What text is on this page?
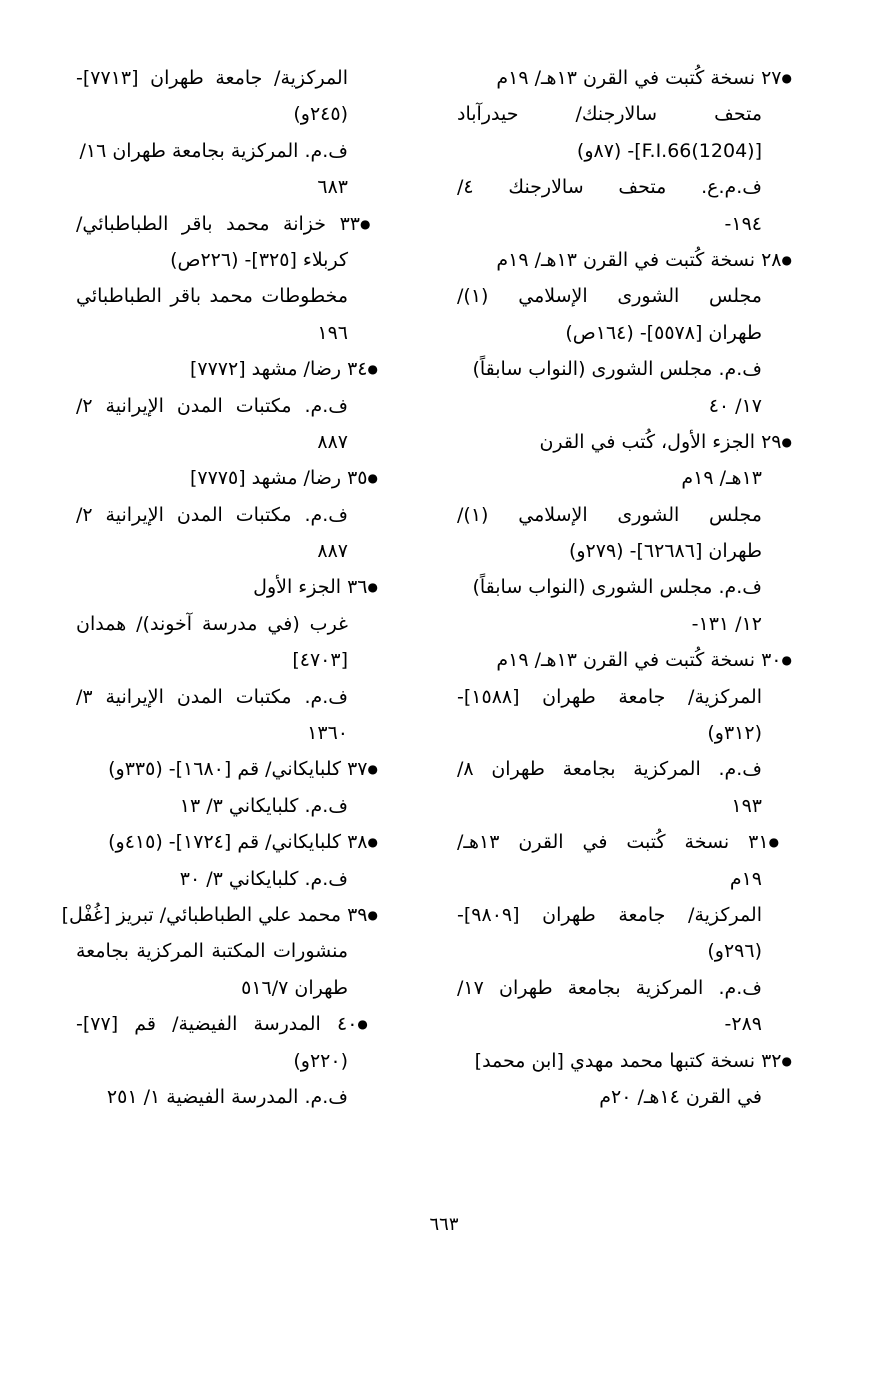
●٢٧ نسخة كُتبت في القرن ١٣هـ/ ١٩م
متحف سالارجنك/ حيدرآباد
[F.I.66(1204)]- (٨٧و)
ف.م.ع. متحف سالارجنك ٤/
١٩٤-
●٢٨ نسخة كُتبت في القرن ١٣هـ/ ١٩م
مجلس الشورى الإسلامي (١)/
طهران [٥٥٧٨]- (١٦٤ص)
ف.م. مجلس الشورى (النواب سابقاً)
١٧/ ٤٠
●٢٩ الجزء الأول، كُتب في القرن
١٣هـ/ ١٩م
مجلس الشورى الإسلامي (١)/
طهران [٦٢٦٨٦]- (٢٧٩و)
ف.م. مجلس الشورى (النواب سابقاً)
١٢/ ١٣١-
●٣٠ نسخة كُتبت في القرن ١٣هـ/ ١٩م
المركزية/ جامعة طهران [١٥٨٨]-
(٣١٢و)
ف.م. المركزية بجامعة طهران ٨/
١٩٣
●٣١ نسخة كُتبت في القرن ١٣هـ/
١٩م
المركزية/ جامعة طهران [٩٨٠٩]-
(٢٩٦و)
ف.م. المركزية بجامعة طهران ١٧/
٢٨٩-
●٣٢ نسخة كتبها محمد مهدي [ابن محمد]
في القرن ١٤هـ/ ٢٠م
المركزية/ جامعة طهران [٧٧١٣]-
(٢٤٥و)
ف.م. المركزية بجامعة طهران ١٦/
٦٨٣
●٣٣ خزانة محمد باقر الطباطبائي/
كربلاء [٣٢٥]- (٢٢٦ص)
مخطوطات محمد باقر الطباطبائي
١٩٦
●٣٤ رضا/ مشهد [٧٧٧٢]
ف.م. مكتبات المدن الإيرانية ٢/
٨٨٧
●٣٥ رضا/ مشهد [٧٧٧٥]
ف.م. مكتبات المدن الإيرانية ٢/
٨٨٧
●٣٦ الجزء الأول
غرب (في مدرسة آخوند)/ همدان
[٤٧٠٣]
ف.م. مكتبات المدن الإيرانية ٣/
١٣٦٠
●٣٧ كلبايكاني/ قم [١٦٨٠]- (٣٣٥و)
ف.م. كلبايكاني ٣/ ١٣
●٣٨ كلبايكاني/ قم [١٧٢٤]- (٤١٥و)
ف.م. كلبايكاني ٣/ ٣٠
●٣٩ محمد علي الطباطبائي/ تبريز [غُفْل]
منشورات المكتبة المركزية بجامعة
طهران ٥١٦/٧
●٤٠ المدرسة الفيضية/ قم [٧٧]-
(٢٢٠و)
ف.م. المدرسة الفيضية ١/ ٢٥١
٦٦٣
